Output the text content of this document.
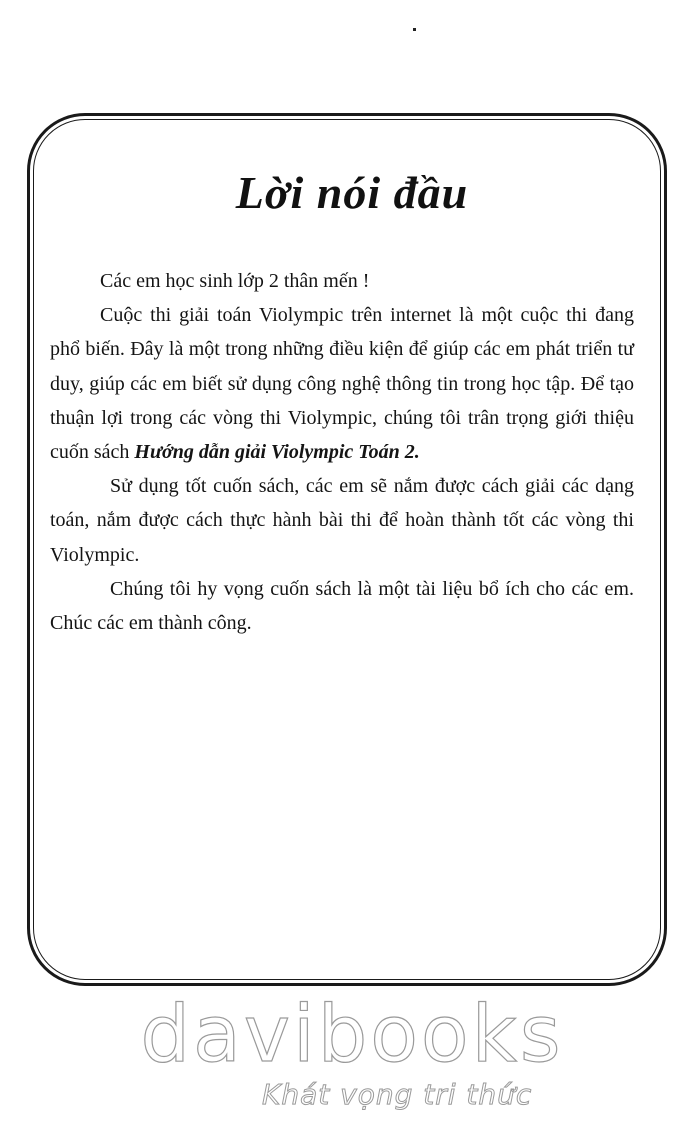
Lời nói đầu

Các em học sinh lớp 2 thân mến !

Cuộc thi giải toán Violympic trên internet là một cuộc thi đang phổ biến. Đây là một trong những điều kiện để giúp các em phát triển tư duy, giúp các em biết sử dụng công nghệ thông tin trong học tập. Để tạo thuận lợi trong các vòng thi Violympic, chúng tôi trân trọng giới thiệu cuốn sách Hướng dẫn giải Violympic Toán 2.

Sử dụng tốt cuốn sách, các em sẽ nắm được cách giải các dạng toán, nắm được cách thực hành bài thi để hoàn thành tốt các vòng thi Violympic.

Chúng tôi hy vọng cuốn sách là một tài liệu bổ ích cho các em. Chúc các em thành công.

davibooks
Khát vọng tri thức
